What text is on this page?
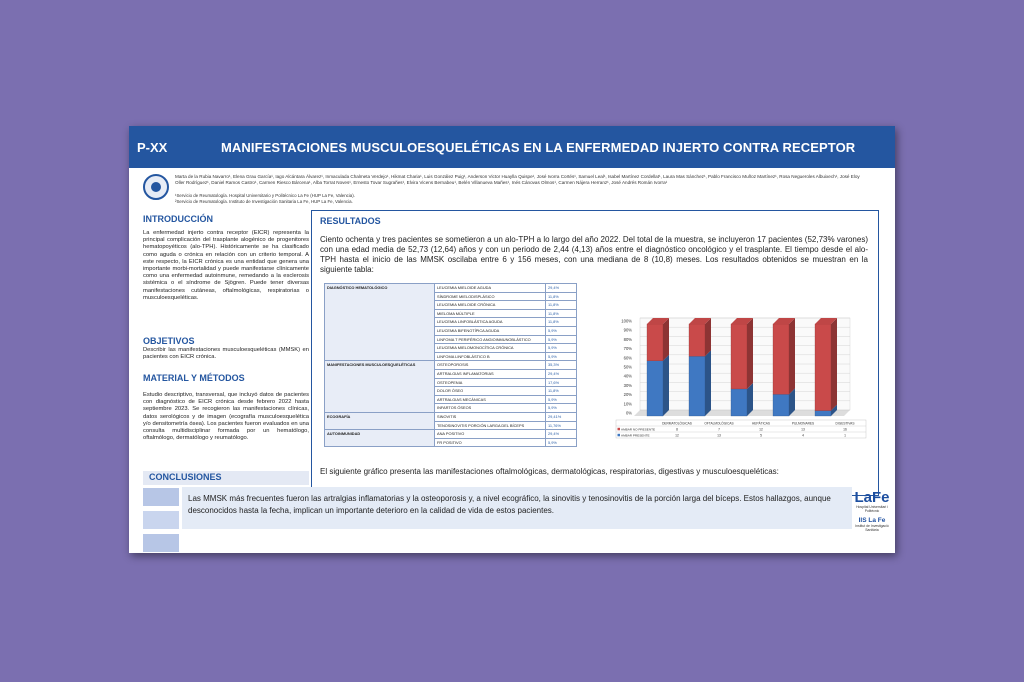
P-XX	MANIFESTACIONES MUSCULOESQUELÉTICAS EN LA ENFERMEDAD INJERTO CONTRA RECEPTOR
Marta de la Rubia Navarro¹, Elena Grau García¹, Iago Alcántara Álvarez¹, Inmaculada Chalmeta Verdejo¹, Hikmat Charia¹, Luis González Puig¹, Anderson Victor Huaylla Quispe¹, José Ivorra Cortés¹, Samuel Leal¹, Isabel Martínez Cordellat¹, Laura Mas Sánchez¹, Pablo Francisco Muñoz Martínez¹, Rosa Negueroles Albuixech¹, José Eloy Oller Rodríguez¹, Daniel Ramos Castro¹, Carmen Riesco Bárcena¹, Alba Torrat Noves¹, Ernesto Tovar Sugrañes¹, Elvira Vicens Bernabeu¹, Belén Villanueva Mañes¹, Inés Cánovas Olmos¹, Carmen Nájera Herranz¹, José Andrés Román Ivorra¹
¹Servicio de Reumatología. Hospital Universitario y Politécnico La Fe (HUP La Fe, Valencia).
²Servicio de Reumatología. Instituto de Investigación Sanitaria La Fe, HUP La Fe, Valencia.
INTRODUCCIÓN
La enfermedad injerto contra receptor (EICR) representa la principal complicación del trasplante alogénico de progenitores hematopoyéticos (alo-TPH). Históricamente se ha clasificado como aguda o crónica en relación con un criterio temporal. A este respecto, la EICR crónica es una entidad que genera una importante morbi-mortalidad y puede manifestarse clínicamente como una enfermedad autoinmune, remedando a la esclerosis sistémica o el síndrome de Sjögren. Puede tener diversas manifestaciones cutáneas, oftalmológicas, respiratorias o musculoesqueléticas.
OBJETIVOS
Describir las manifestaciones musculoesqueléticas (MMSK) en pacientes con EICR crónica.
MATERIAL Y MÉTODOS
Estudio descriptivo, transversal, que incluyó datos de pacientes con diagnóstico de EICR crónica desde febrero 2022 hasta septiembre 2023. Se recogieron las manifestaciones clínicas, datos serológicos y de imagen (ecografía musculoesquelética y/o densitometría ósea). Los pacientes fueron evaluados en una consulta multidisciplinar formada por un hematólogo, oftalmólogo, dermatólogo y reumatólogo.
RESULTADOS
Ciento ochenta y tres pacientes se sometieron a un alo-TPH a lo largo del año 2022. Del total de la muestra, se incluyeron 17 pacientes (52,73% varones) con una edad media de 52,73 (12,64) años y con un periodo de 2,44 (4,13) años entre el diagnóstico oncológico y el trasplante. El tiempo desde el alo-TPH hasta el inicio de las MMSK oscilaba entre 6 y 156 meses, con una mediana de 8 (10,8) meses. Los resultados obtenidos se muestran en la siguiente tabla:
DIAGNÓSTICO HEMATOLÓGICO	LEUCEMIA MIELOIDE AGUDA	29,4%
	SÍNDROME MIELODISPLÁSICO	11,8%
	LEUCEMIA MIELOIDE CRÓNICA	11,8%
	MIELOMA MÚLTIPLE	11,8%
	LEUCEMIA LINFOBLÁSTICA AGUDA	11,8%
	LEUCEMIA BIFENOTÍPICA AGUDA	5,9%
	LINFOMA T PERIFÉRICO ANGIOINMUNOBLÁSTICO	5,9%
	LEUCEMIA MIELOMONOCÍTICA CRÓNICA	5,9%
	LINFOMA LINFOBLÁSTICO B	5,9%
MANIFESTACIONES MUSCULOESQUELÉTICAS	OSTEOPOROSIS	35,3%
	ARTRALGIAS INFLAMATORIAS	29,4%
	OSTEOPENIA	17,6%
	DOLOR ÓSEO	11,8%
	ARTRALGIAS MECÁNICAS	5,9%
	INFARTOS ÓSEOS	5,9%
ECOGRAFÍA	SINOVITIS	29,41%
	TENOSINOVITIS PORCIÓN LARGA DEL BÍCEPS	11,76%
AUTOINMUNIDAD	ANA POSITIVO	29,4%
	FR POSITIVO	5,9%
0%
10%
20%
30%
40%
50%
60%
70%
80%
90%
100%
DERMATOLÓGICAS	OFTALMOLÓGICAS	HEPÁTICAS	PULMONARES	DIGESTIVAS
AMBAR NO PRESENTE	8	7	12	13	16
AMBAR PRESENTE	12	13	5	4	1
El siguiente gráfico presenta las manifestaciones oftalmológicas, dermatológicas, respiratorias, digestivas y musculoesqueléticas:
CONCLUSIONES
Las MMSK más frecuentes fueron las artralgias inflamatorias y la osteoporosis y, a nivel ecográfico, la sinovitis y tenosinovitis de la porción larga del bíceps. Estos hallazgos, aunque desconocidos hasta la fecha, implican un importante deterioro en la calidad de vida de estos pacientes.
LaFe
Hospital Universitari i Politècnic
IIS La Fe
Institut de Investigació Sanitària
